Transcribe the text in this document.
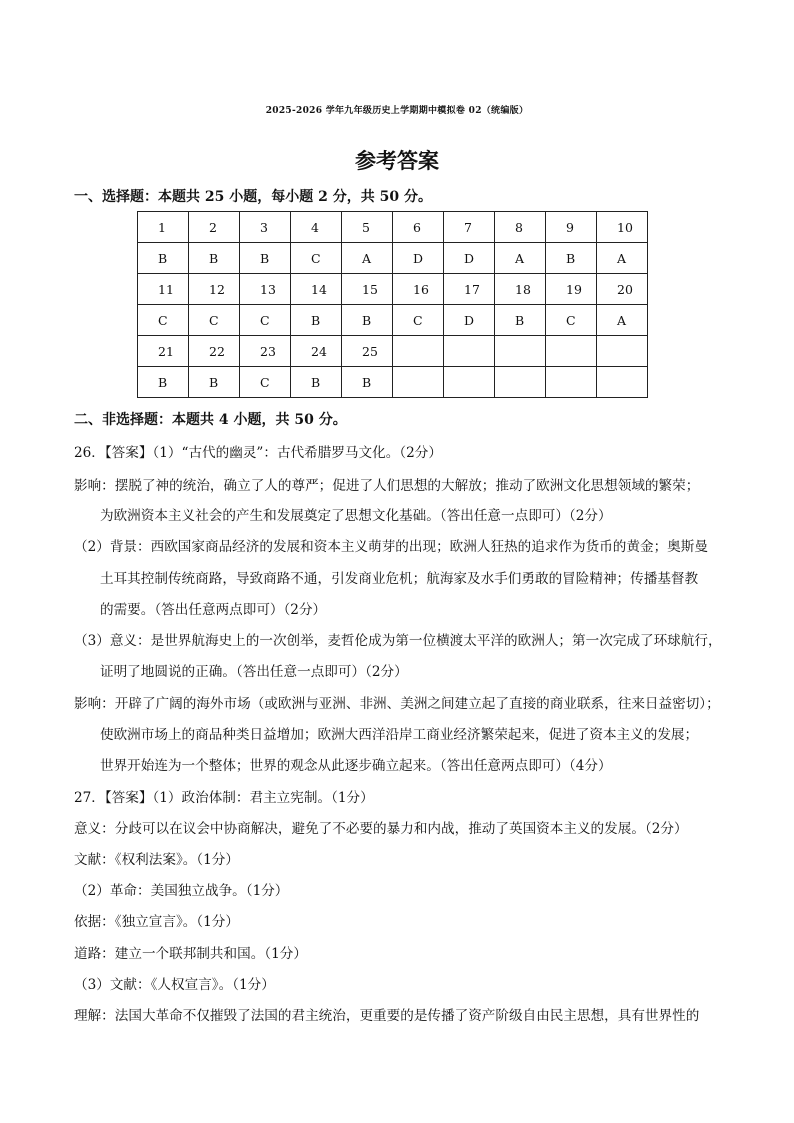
2025-2026 学年九年级历史上学期期中模拟卷 02（统编版）
参考答案
一、选择题：本题共 25 小题，每小题 2 分，共 50 分。
1	2	3	4	5	6	7	8	9	10
B	B	B	C	A	D	D	A	B	A
11	12	13	14	15	16	17	18	19	20
C	C	C	B	B	C	D	B	C	A
21	22	23	24	25					
B	B	C	B	B					
二、非选择题：本题共 4 小题，共 50 分。
26．【答案】（1）“古代的幽灵”：古代希腊罗马文化。（2分）
影响：摆脱了神的统治，确立了人的尊严；促进了人们思想的大解放；推动了欧洲文化思想领域的繁荣；
为欧洲资本主义社会的产生和发展奠定了思想文化基础。（答出任意一点即可）（2分）
（2）背景：西欧国家商品经济的发展和资本主义萌芽的出现；欧洲人狂热的追求作为货币的黄金；奥斯曼
土耳其控制传统商路，导致商路不通，引发商业危机；航海家及水手们勇敢的冒险精神；传播基督教
的需要。（答出任意两点即可）（2分）
（3）意义：是世界航海史上的一次创举，麦哲伦成为第一位横渡太平洋的欧洲人；第一次完成了环球航行，
证明了地圆说的正确。（答出任意一点即可）（2分）
影响：开辟了广阔的海外市场（或欧洲与亚洲、非洲、美洲之间建立起了直接的商业联系，往来日益密切）；
使欧洲市场上的商品种类日益增加；欧洲大西洋沿岸工商业经济繁荣起来，促进了资本主义的发展；
世界开始连为一个整体；世界的观念从此逐步确立起来。（答出任意两点即可）（4分）
27．【答案】（1）政治体制：君主立宪制。（1分）
意义：分歧可以在议会中协商解决，避免了不必要的暴力和内战，推动了英国资本主义的发展。（2分）
文献：《权利法案》。（1分）
（2）革命：美国独立战争。（1分）
依据：《独立宣言》。（1分）
道路：建立一个联邦制共和国。（1分）
（3）文献：《人权宣言》。（1分）
理解：法国大革命不仅摧毁了法国的君主统治，更重要的是传播了资产阶级自由民主思想，具有世界性的
